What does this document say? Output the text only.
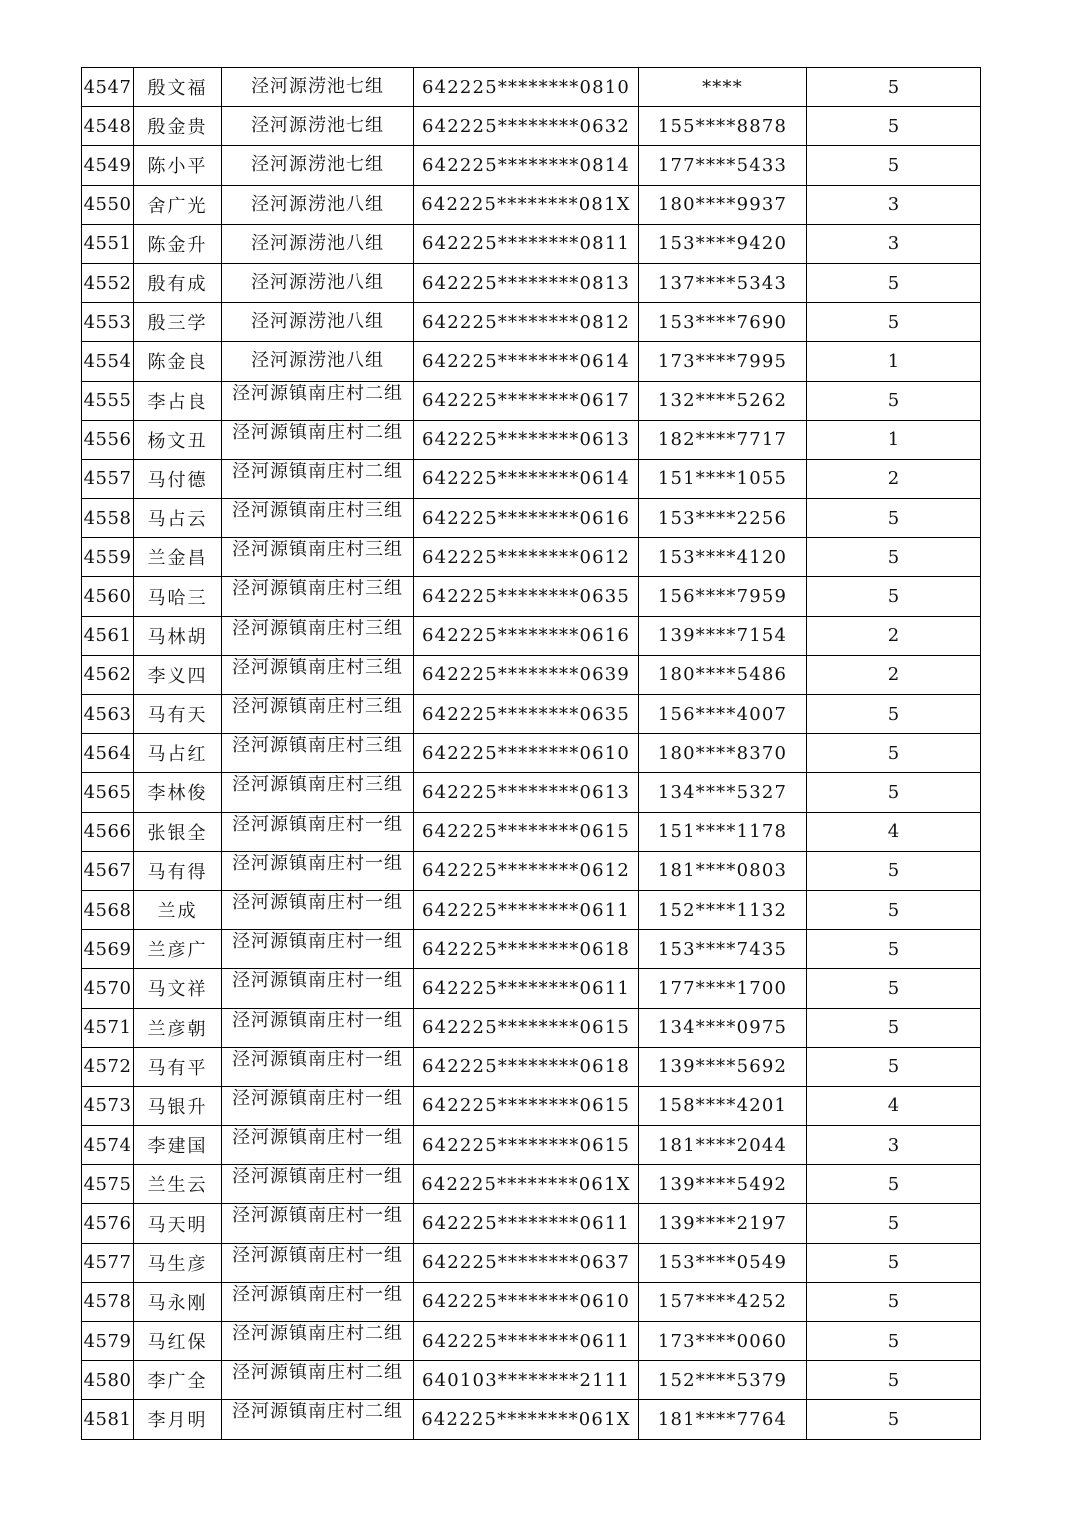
4547	殷文福	泾河源涝池七组	642225********0810	****	5
4548	殷金贵	泾河源涝池七组	642225********0632	155****8878	5
4549	陈小平	泾河源涝池七组	642225********0814	177****5433	5
4550	舍广光	泾河源涝池八组	642225********081X	180****9937	3
4551	陈金升	泾河源涝池八组	642225********0811	153****9420	3
4552	殷有成	泾河源涝池八组	642225********0813	137****5343	5
4553	殷三学	泾河源涝池八组	642225********0812	153****7690	5
4554	陈金良	泾河源涝池八组	642225********0614	173****7995	1
4555	李占良	泾河源镇南庄村二组	642225********0617	132****5262	5
4556	杨文丑	泾河源镇南庄村二组	642225********0613	182****7717	1
4557	马付德	泾河源镇南庄村二组	642225********0614	151****1055	2
4558	马占云	泾河源镇南庄村三组	642225********0616	153****2256	5
4559	兰金昌	泾河源镇南庄村三组	642225********0612	153****4120	5
4560	马哈三	泾河源镇南庄村三组	642225********0635	156****7959	5
4561	马林胡	泾河源镇南庄村三组	642225********0616	139****7154	2
4562	李义四	泾河源镇南庄村三组	642225********0639	180****5486	2
4563	马有天	泾河源镇南庄村三组	642225********0635	156****4007	5
4564	马占红	泾河源镇南庄村三组	642225********0610	180****8370	5
4565	李林俊	泾河源镇南庄村三组	642225********0613	134****5327	5
4566	张银全	泾河源镇南庄村一组	642225********0615	151****1178	4
4567	马有得	泾河源镇南庄村一组	642225********0612	181****0803	5
4568	兰成	泾河源镇南庄村一组	642225********0611	152****1132	5
4569	兰彦广	泾河源镇南庄村一组	642225********0618	153****7435	5
4570	马文祥	泾河源镇南庄村一组	642225********0611	177****1700	5
4571	兰彦朝	泾河源镇南庄村一组	642225********0615	134****0975	5
4572	马有平	泾河源镇南庄村一组	642225********0618	139****5692	5
4573	马银升	泾河源镇南庄村一组	642225********0615	158****4201	4
4574	李建国	泾河源镇南庄村一组	642225********0615	181****2044	3
4575	兰生云	泾河源镇南庄村一组	642225********061X	139****5492	5
4576	马天明	泾河源镇南庄村一组	642225********0611	139****2197	5
4577	马生彦	泾河源镇南庄村一组	642225********0637	153****0549	5
4578	马永刚	泾河源镇南庄村一组	642225********0610	157****4252	5
4579	马红保	泾河源镇南庄村二组	642225********0611	173****0060	5
4580	李广全	泾河源镇南庄村二组	640103********2111	152****5379	5
4581	李月明	泾河源镇南庄村二组	642225********061X	181****7764	5
